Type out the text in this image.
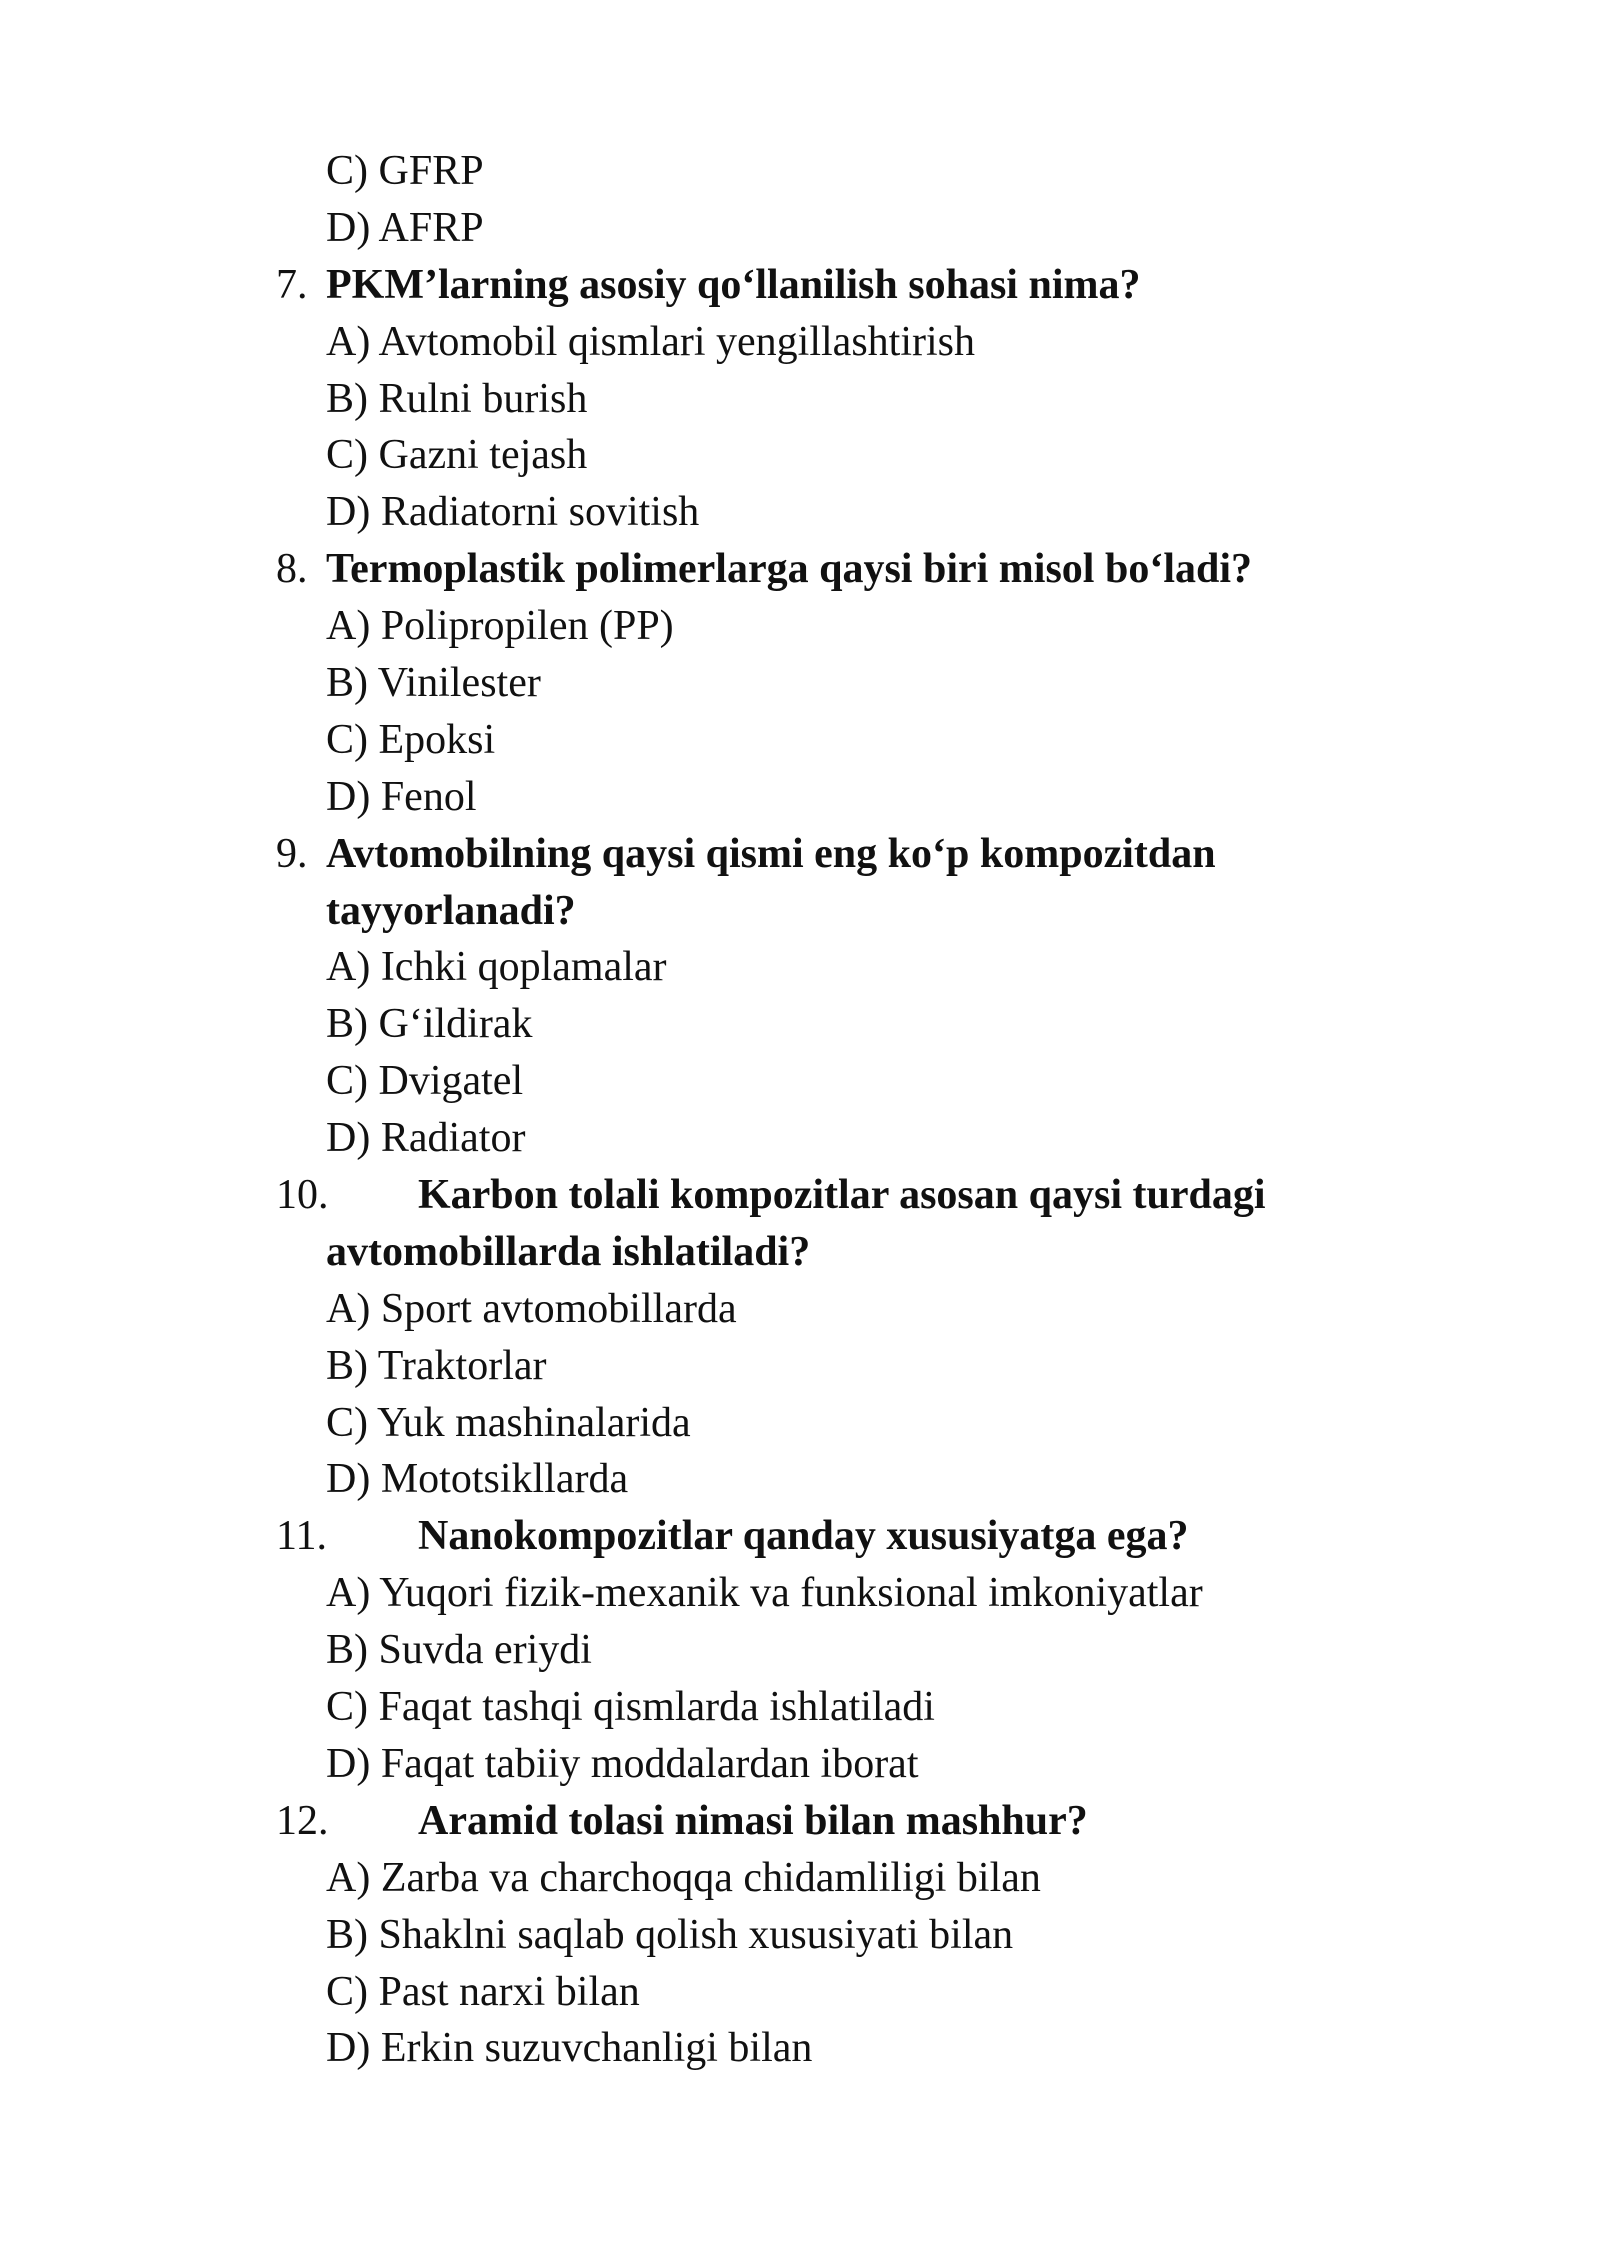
C) GFRP
D) AFRP
7. PKM’larning asosiy qo‘llanilish sohasi nima?
A) Avtomobil qismlari yengillashtirish
B) Rulni burish
C) Gazni tejash
D) Radiatorni sovitish
8. Termoplastik polimerlarga qaysi biri misol bo‘ladi?
A) Polipropilen (PP)
B) Vinilester
C) Epoksi
D) Fenol
9. Avtomobilning qaysi qismi eng ko‘p kompozitdan
tayyorlanadi?
A) Ichki qoplamalar
B) G‘ildirak
C) Dvigatel
D) Radiator
10. Karbon tolali kompozitlar asosan qaysi turdagi
avtomobillarda ishlatiladi?
A) Sport avtomobillarda
B) Traktorlar
C) Yuk mashinalarida
D) Mototsikllarda
11. Nanokompozitlar qanday xususiyatga ega?
A) Yuqori fizik-mexanik va funksional imkoniyatlar
B) Suvda eriydi
C) Faqat tashqi qismlarda ishlatiladi
D) Faqat tabiiy moddalardan iborat
12. Aramid tolasi nimasi bilan mashhur?
A) Zarba va charchoqqa chidamliligi bilan
B) Shaklni saqlab qolish xususiyati bilan
C) Past narxi bilan
D) Erkin suzuvchanligi bilan
